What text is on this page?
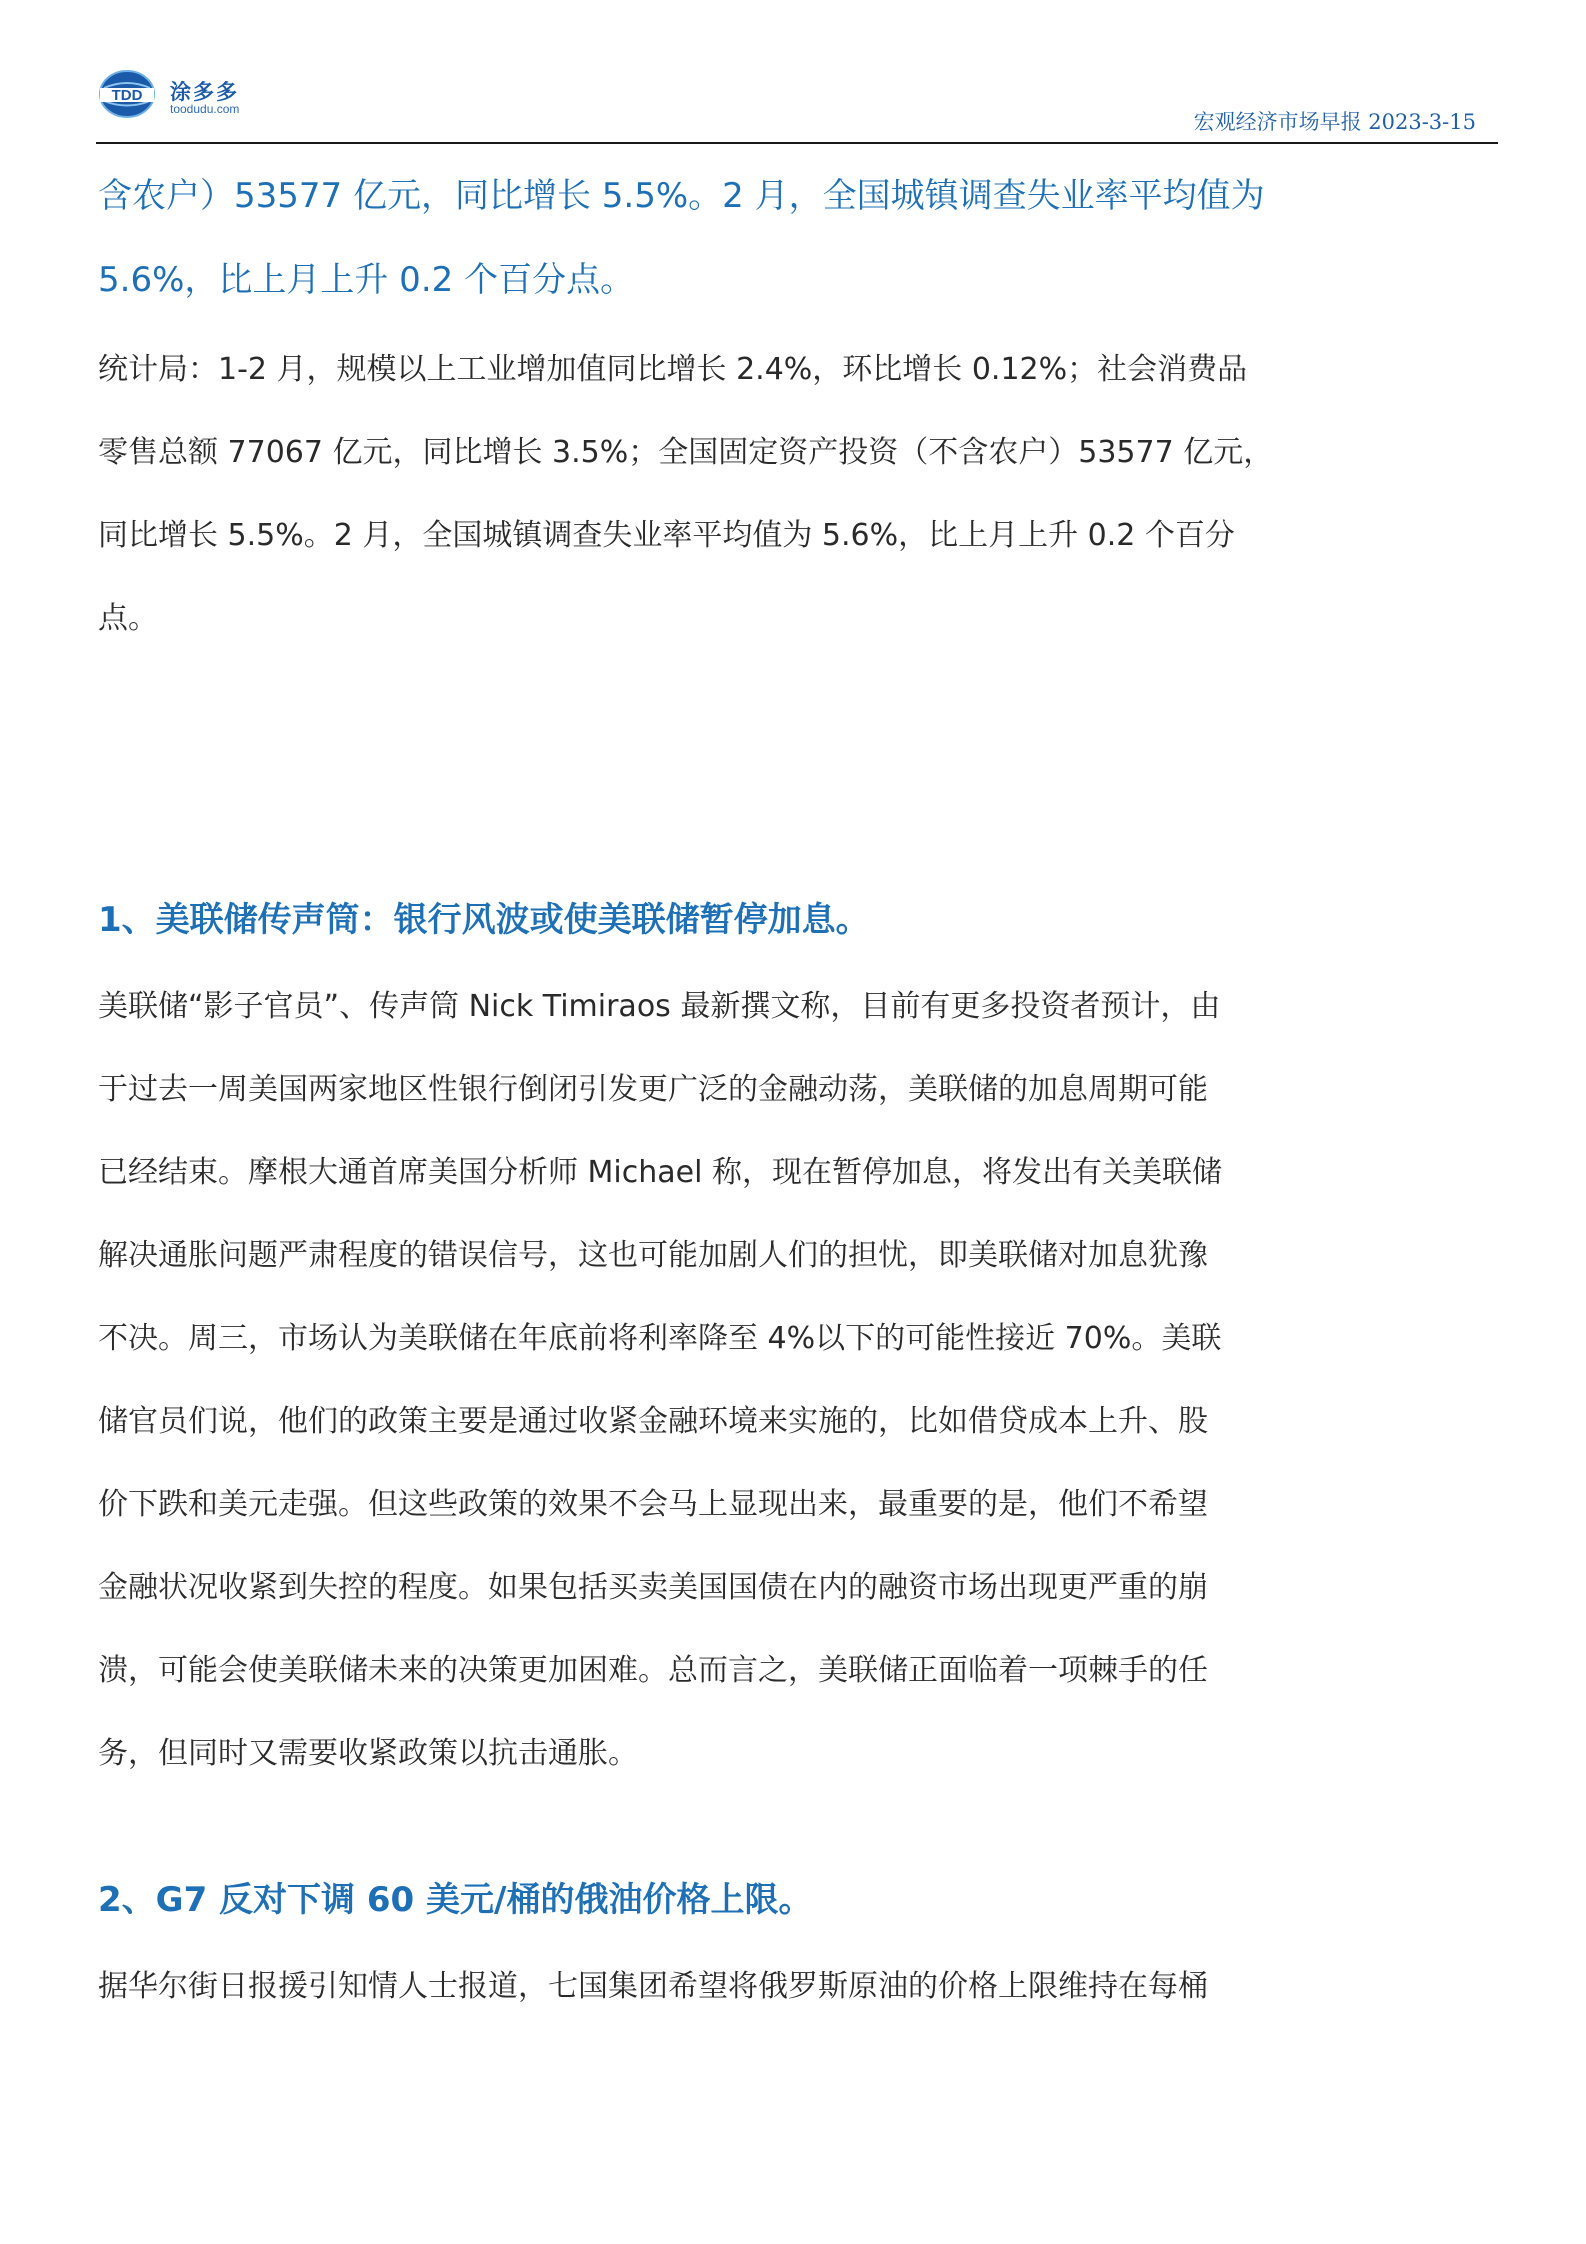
TDD 涂多多
toodudu.com
宏观经济市场早报 2023-3-15

含农户）53577 亿元，同比增长 5.5%。2 月，全国城镇调查失业率平均值为
5.6%，比上月上升 0.2 个百分点。

统计局：1-2 月，规模以上工业增加值同比增长 2.4%，环比增长 0.12%；社会消费品
零售总额 77067 亿元，同比增长 3.5%；全国固定资产投资（不含农户）53577 亿元，
同比增长 5.5%。2 月，全国城镇调查失业率平均值为 5.6%，比上月上升 0.2 个百分
点。

1、美联储传声筒：银行风波或使美联储暂停加息。

美联储“影子官员”、传声筒 Nick Timiraos 最新撰文称，目前有更多投资者预计，由
于过去一周美国两家地区性银行倒闭引发更广泛的金融动荡，美联储的加息周期可能
已经结束。摩根大通首席美国分析师 Michael 称，现在暂停加息，将发出有关美联储
解决通胀问题严肃程度的错误信号，这也可能加剧人们的担忧，即美联储对加息犹豫
不决。周三，市场认为美联储在年底前将利率降至 4%以下的可能性接近 70%。美联
储官员们说，他们的政策主要是通过收紧金融环境来实施的，比如借贷成本上升、股
价下跌和美元走强。但这些政策的效果不会马上显现出来，最重要的是，他们不希望
金融状况收紧到失控的程度。如果包括买卖美国国债在内的融资市场出现更严重的崩
溃，可能会使美联储未来的决策更加困难。总而言之，美联储正面临着一项棘手的任
务，但同时又需要收紧政策以抗击通胀。

2、G7 反对下调 60 美元/桶的俄油价格上限。

据华尔街日报援引知情人士报道，七国集团希望将俄罗斯原油的价格上限维持在每桶
